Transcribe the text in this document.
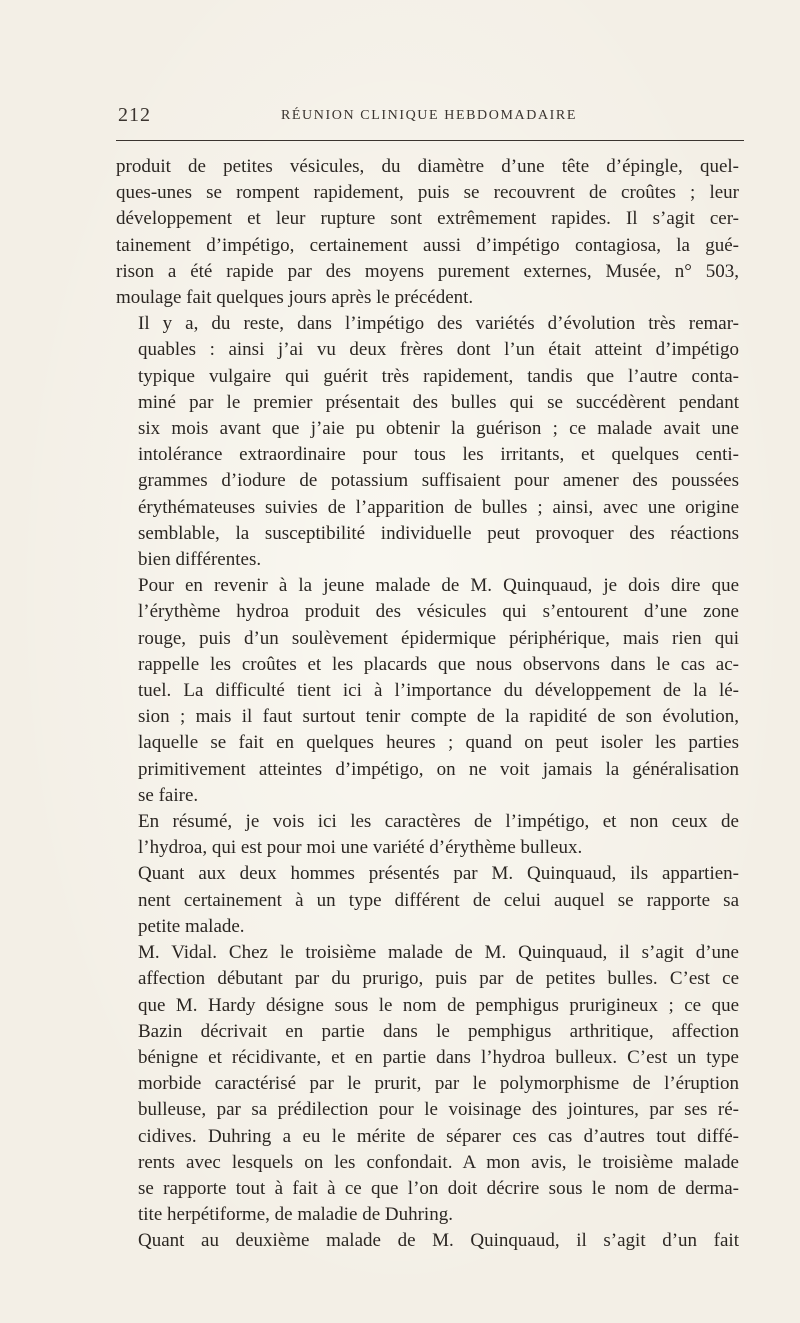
212	RÉUNION CLINIQUE HEBDOMADAIRE
produit de petites vésicules, du diamètre d’une tête d’épingle, quel-
ques-unes se rompent rapidement, puis se recouvrent de croûtes ; leur
développement et leur rupture sont extrêmement rapides. Il s’agit cer-
tainement d’impétigo, certainement aussi d’impétigo contagiosa, la gué-
rison a été rapide par des moyens purement externes, Musée, n° 503,
moulage fait quelques jours après le précédent.
Il y a, du reste, dans l’impétigo des variétés d’évolution très remar-
quables : ainsi j’ai vu deux frères dont l’un était atteint d’impétigo
typique vulgaire qui guérit très rapidement, tandis que l’autre conta-
miné par le premier présentait des bulles qui se succédèrent pendant
six mois avant que j’aie pu obtenir la guérison ; ce malade avait une
intolérance extraordinaire pour tous les irritants, et quelques centi-
grammes d’iodure de potassium suffisaient pour amener des poussées
érythémateuses suivies de l’apparition de bulles ; ainsi, avec une origine
semblable, la susceptibilité individuelle peut provoquer des réactions
bien différentes.
Pour en revenir à la jeune malade de M. Quinquaud, je dois dire que
l’érythème hydroa produit des vésicules qui s’entourent d’une zone
rouge, puis d’un soulèvement épidermique périphérique, mais rien qui
rappelle les croûtes et les placards que nous observons dans le cas ac-
tuel. La difficulté tient ici à l’importance du développement de la lé-
sion ; mais il faut surtout tenir compte de la rapidité de son évolution,
laquelle se fait en quelques heures ; quand on peut isoler les parties
primitivement atteintes d’impétigo, on ne voit jamais la généralisation
se faire.
En résumé, je vois ici les caractères de l’impétigo, et non ceux de
l’hydroa, qui est pour moi une variété d’érythème bulleux.
Quant aux deux hommes présentés par M. Quinquaud, ils appartien-
nent certainement à un type différent de celui auquel se rapporte sa
petite malade.
M. Vidal. Chez le troisième malade de M. Quinquaud, il s’agit d’une
affection débutant par du prurigo, puis par de petites bulles. C’est ce
que M. Hardy désigne sous le nom de pemphigus prurigineux ; ce que
Bazin décrivait en partie dans le pemphigus arthritique, affection
bénigne et récidivante, et en partie dans l’hydroa bulleux. C’est un type
morbide caractérisé par le prurit, par le polymorphisme de l’éruption
bulleuse, par sa prédilection pour le voisinage des jointures, par ses ré-
cidives. Duhring a eu le mérite de séparer ces cas d’autres tout diffé-
rents avec lesquels on les confondait. A mon avis, le troisième malade
se rapporte tout à fait à ce que l’on doit décrire sous le nom de derma-
tite herpétiforme, de maladie de Duhring.
Quant au deuxième malade de M. Quinquaud, il s’agit d’un fait
